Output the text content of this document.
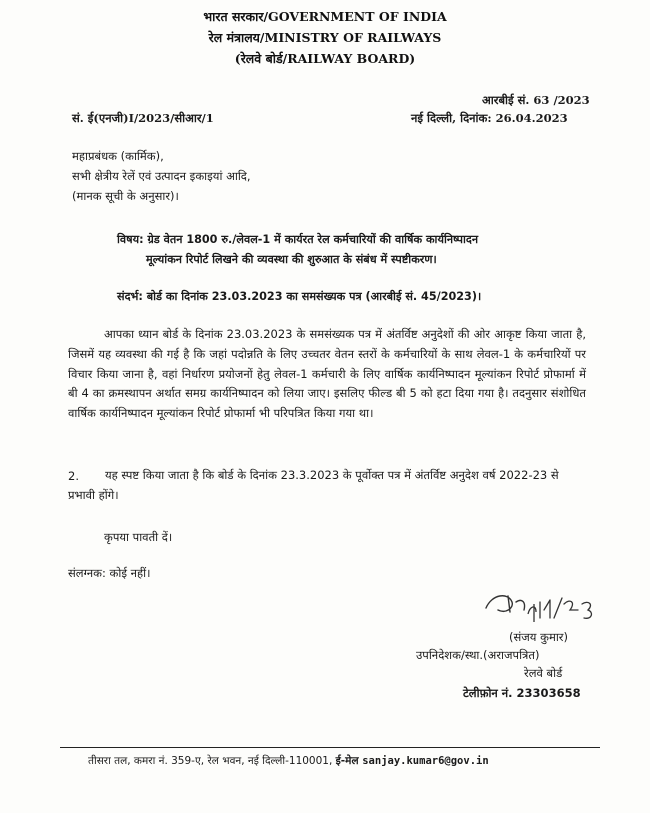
भारत सरकार/GOVERNMENT OF INDIA
रेल मंत्रालय/MINISTRY OF RAILWAYS
(रेलवे बोर्ड/RAILWAY BOARD)
आरबीई सं. 63 /2023
सं. ई(एनजी)I/2023/सीआर/1	नई दिल्ली, दिनांक: 26.04.2023
महाप्रबंधक (कार्मिक),
सभी क्षेत्रीय रेलें एवं उत्पादन इकाइयां आदि,
(मानक सूची के अनुसार)।
विषय: ग्रेड वेतन 1800 रु./लेवल-1 में कार्यरत रेल कर्मचारियों की वार्षिक कार्यनिष्पादन
मूल्यांकन रिपोर्ट लिखने की व्यवस्था की शुरुआत के संबंध में स्पष्टीकरण।
संदर्भ: बोर्ड का दिनांक 23.03.2023 का समसंख्यक पत्र (आरबीई सं. 45/2023)।
आपका ध्यान बोर्ड के दिनांक 23.03.2023 के समसंख्यक पत्र में अंतर्विष्ट अनुदेशों की ओर आकृष्ट किया जाता है, जिसमें यह व्यवस्था की गई है कि जहां पदोन्नति के लिए उच्चतर वेतन स्तरों के कर्मचारियों के साथ लेवल-1 के कर्मचारियों पर विचार किया जाना है, वहां निर्धारण प्रयोजनों हेतु लेवल-1 कर्मचारी के लिए वार्षिक कार्यनिष्पादन मूल्यांकन रिपोर्ट प्रोफार्मा में बी 4 का क्रमस्थापन अर्थात समग्र कार्यनिष्पादन को लिया जाए। इसलिए फील्ड बी 5 को हटा दिया गया है। तदनुसार संशोधित वार्षिक कार्यनिष्पादन मूल्यांकन रिपोर्ट प्रोफार्मा भी परिपत्रित किया गया था।
2.	यह स्पष्ट किया जाता है कि बोर्ड के दिनांक 23.3.2023 के पूर्वोक्त पत्र में अंतर्विष्ट अनुदेश वर्ष 2022-23 से प्रभावी होंगे।
कृपया पावती दें।
संलग्नक: कोई नहीं।
(संजय कुमार)
उपनिदेशक/स्था.(अराजपत्रित)
रेलवे बोर्ड
टेलीफ़ोन नं. 23303658
तीसरा तल, कमरा नं. 359-ए, रेल भवन, नई दिल्ली-110001, ई-मेल sanjay.kumar6@gov.in
